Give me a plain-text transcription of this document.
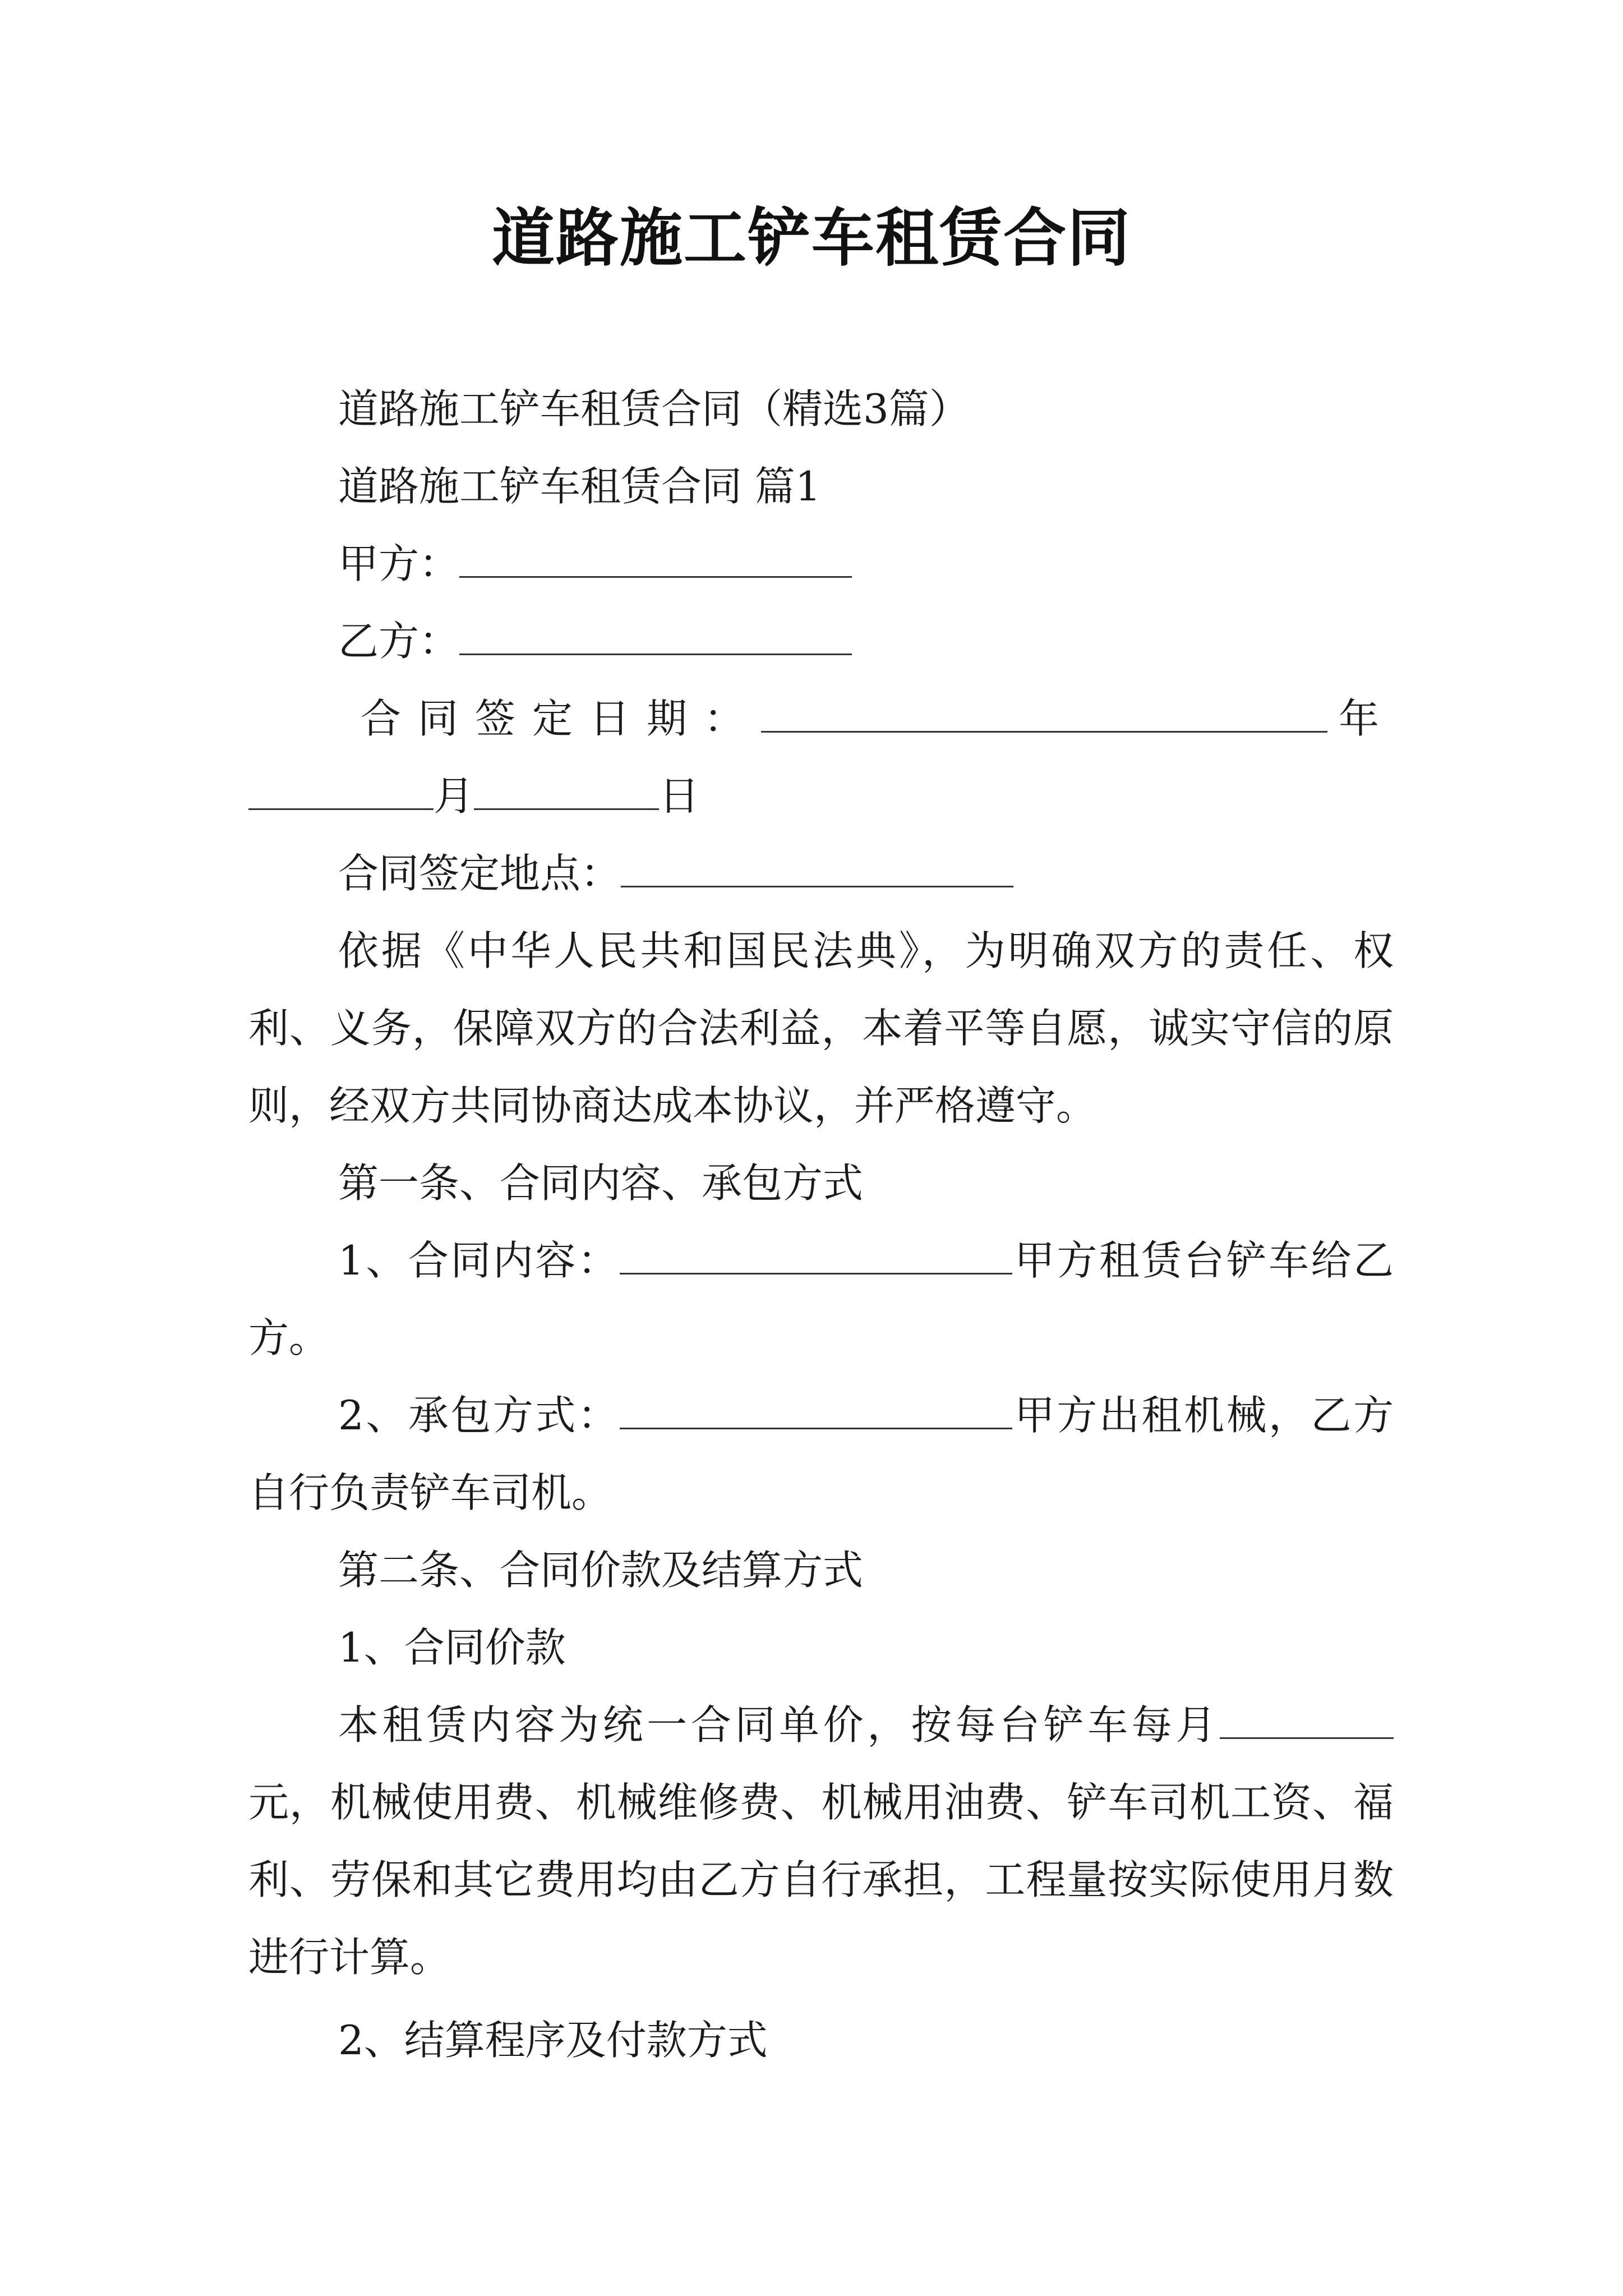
道路施工铲车租赁合同

道路施工铲车租赁合同（精选3篇）

道路施工铲车租赁合同 篇1

甲方：

乙方：

合同签定日期：	年

月	日

合同签定地点：

依据《中华人民共和国民法典》，为明确双方的责任、权利、义务，保障双方的合法利益，本着平等自愿，诚实守信的原则，经双方共同协商达成本协议，并严格遵守。

第一条、合同内容、承包方式

1、合同内容：	甲方租赁台铲车给乙方。

2、承包方式：	甲方出租机械，乙方自行负责铲车司机。

第二条、合同价款及结算方式

1、合同价款

本租赁内容为统一合同单价，按每台铲车每月元，机械使用费、机械维修费、机械用油费、铲车司机工资、福利、劳保和其它费用均由乙方自行承担，工程量按实际使用月数进行计算。

2、结算程序及付款方式
